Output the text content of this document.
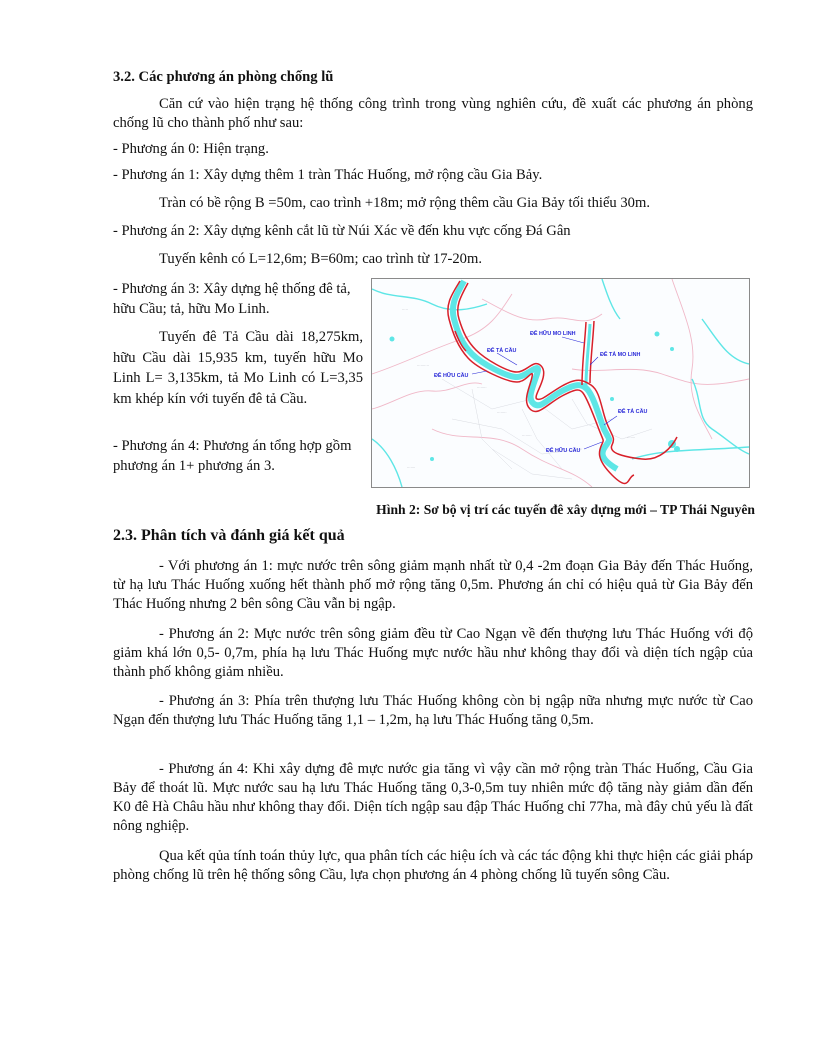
3.2. Các phương án phòng chống lũ
Căn cứ vào hiện trạng hệ thống công trình trong vùng nghiên cứu, đề xuất các phương án phòng chống lũ cho thành phố như sau:
- Phương án 0: Hiện trạng.
- Phương án 1: Xây dựng thêm 1 tràn Thác Huống, mở rộng cầu Gia Bảy.
Tràn có bề rộng B =50m, cao trình +18m; mở rộng thêm cầu Gia Bảy tối thiểu 30m.
- Phương án 2: Xây dựng kênh cắt lũ từ Núi Xác về đến khu vực cống Đá Gân
Tuyến kênh có L=12,6m; B=60m; cao trình từ 17-20m.
- Phương án 3: Xây dựng hệ thống đê tả, hữu Cầu; tả, hữu Mo Linh.
Tuyến đê Tả Cầu dài 18,275km, hữu Cầu dài 15,935 km, tuyến hữu Mo Linh L= 3,135km, tả Mo Linh có L=3,35 km khép kín với tuyến đê tả Cầu.
- Phương án 4: Phương án tổng hợp gồm phương án 1+ phương án 3.
·····
··········
········
········
········	·······
·······
ĐÊ HỮU MO LINH
ĐÊ TẢ CẦU
ĐÊ HỮU CẦU
ĐÊ TẢ MO LINH
ĐÊ TẢ CẦU
ĐÊ HỮU CẦU
Hình 2: Sơ bộ vị trí các tuyến đê xây dựng mới – TP Thái Nguyên
2.3. Phân tích và đánh giá kết quả
- Với phương án 1: mực nước trên sông giảm mạnh nhất từ 0,4 -2m đoạn Gia Bảy đến Thác Huống, từ hạ lưu Thác Huống xuống hết thành phố mở rộng tăng 0,5m. Phương án chỉ có hiệu quả từ Gia Bảy đến Thác Huống nhưng 2 bên sông Cầu vẫn bị ngập.
- Phương án 2: Mực nước trên sông giảm đều từ Cao Ngạn về đến thượng lưu Thác Huống với độ giảm khá lớn 0,5- 0,7m, phía hạ lưu Thác Huống mực nước hầu như không thay đổi và diện tích ngập của thành phố không giảm nhiều.
- Phương án 3: Phía trên thượng lưu Thác Huống không còn bị ngập nữa nhưng mực nước từ Cao Ngạn đến thượng lưu Thác Huống tăng 1,1 – 1,2m, hạ lưu Thác Huống tăng 0,5m.
- Phương án 4: Khi xây dựng đê mực nước gia tăng vì vậy cần mở rộng tràn Thác Huống, Cầu Gia Bảy để thoát lũ. Mực nước sau hạ lưu Thác Huống tăng 0,3-0,5m tuy nhiên mức độ tăng này giảm dần đến K0 đê Hà Châu hầu như không thay đổi. Diện tích ngập sau đập Thác Huống chỉ 77ha, mà đây chủ yếu là đất nông nghiệp.
Qua kết qủa tính toán thủy lực, qua phân tích các hiệu ích và các tác động khi thực hiện các giải pháp phòng chống lũ trên hệ thống sông Cầu, lựa chọn phương án 4 phòng chống lũ tuyến sông Cầu.
